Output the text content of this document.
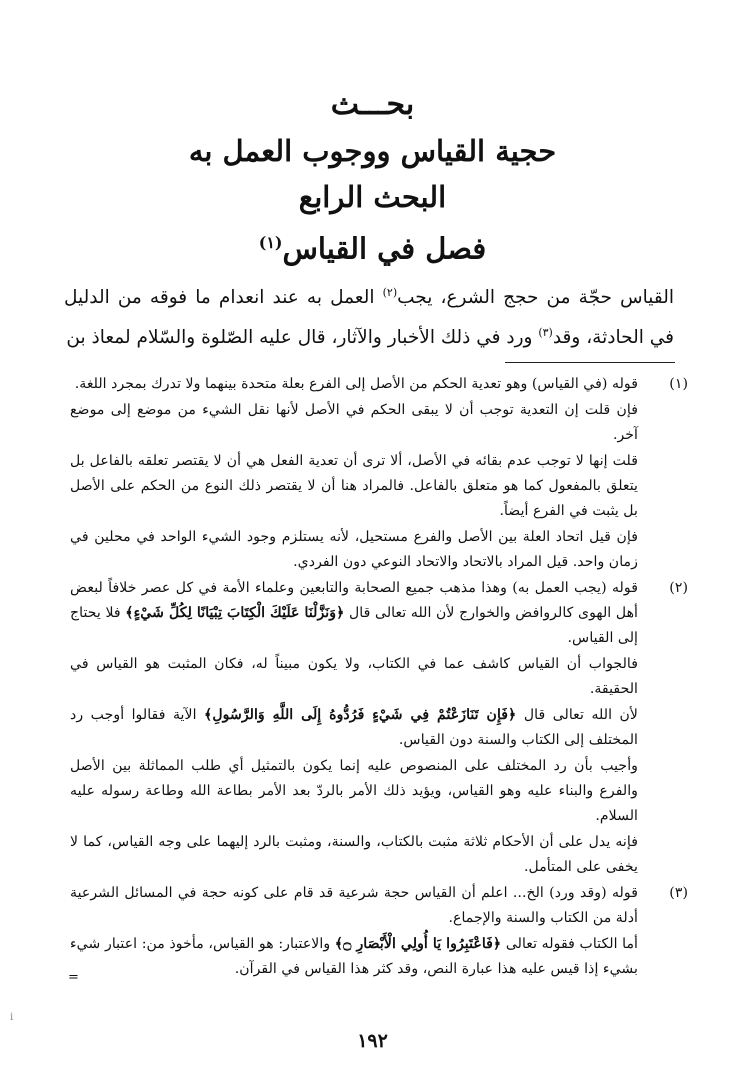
بحـــث
حجية القياس ووجوب العمل به
البحث الرابع
فصل في القياس$^{(١)}$

القياس حجّة من حجج الشرع، يجب$^{(٢)}$ العمل به عند انعدام ما فوقه من الدليل في الحادثة، وقد$^{(٣)}$ ورد في ذلك الأخبار والآثار، قال عليه الصّلوة والسّلام لمعاذ بن

(١)

قوله (في القياس) وهو تعدية الحكم من الأصل إلى الفرع بعلة متحدة بينهما ولا تدرك بمجرد اللغة.

فإن قلت إن التعدية توجب أن لا يبقى الحكم في الأصل لأنها نقل الشيء من موضع إلى موضع آخر.

قلت إنها لا توجب عدم بقائه في الأصل، ألا ترى أن تعدية الفعل هي أن لا يقتصر تعلقه بالفاعل بل يتعلق بالمفعول كما هو متعلق بالفاعل. فالمراد هنا أن لا يقتصر ذلك النوع من الحكم على الأصل بل يثبت في الفرع أيضاً.

فإن قيل اتحاد العلة بين الأصل والفرع مستحيل، لأنه يستلزم وجود الشيء الواحد في محلين في زمان واحد. قيل المراد بالاتحاد والاتحاد النوعي دون الفردي.

(٢)

قوله (يجب العمل به) وهذا مذهب جميع الصحابة والتابعين وعلماء الأمة في كل عصر خلافاً لبعض أهل الهوى كالروافض والخوارج لأن الله تعالى قال ﴿وَنَزَّلْنَا عَلَيْكَ الْكِتَابَ تِبْيَانًا لِكُلِّ شَيْءٍ﴾ فلا يحتاج إلى القياس.

فالجواب أن القياس كاشف عما في الكتاب، ولا يكون مبيناً له، فكان المثبت هو القياس في الحقيقة.

لأن الله تعالى قال ﴿فَإِن تَنَازَعْتُمْ فِي شَيْءٍ فَرُدُّوهُ إِلَى اللَّهِ وَالرَّسُولِ﴾ الآية فقالوا أوجب رد المختلف إلى الكتاب والسنة دون القياس.

وأجيب بأن رد المختلف على المنصوص عليه إنما يكون بالتمثيل أي طلب المماثلة بين الأصل والفرع والبناء عليه وهو القياس، ويؤيد ذلك الأمر بالردّ بعد الأمر بطاعة الله وطاعة رسوله عليه السلام.

فإنه يدل على أن الأحكام ثلاثة مثبت بالكتاب، والسنة، ومثبت بالرد إليهما على وجه القياس، كما لا يخفى على المتأمل.

(٣)

قوله (وقد ورد) الخ... اعلم أن القياس حجة شرعية قد قام على كونه حجة في المسائل الشرعية أدلة من الكتاب والسنة والإجماع.

أما الكتاب فقوله تعالى ﴿فَاعْتَبِرُوا يَا أُولِي الْأَبْصَارِ ۝﴾ والاعتبار: هو القياس، مأخوذ من: اعتبار شيء بشيء إذا قيس عليه هذا عبارة النص، وقد كثر هذا القياس في القرآن.

=
i
١٩٢
